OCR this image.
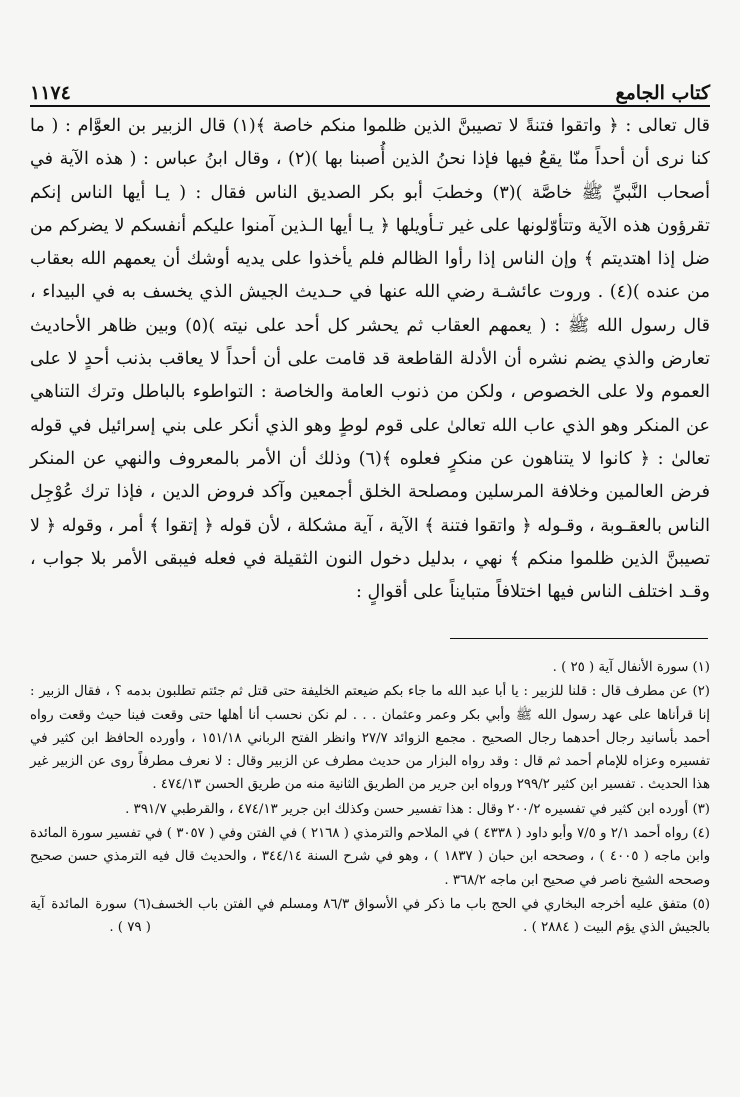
كتاب الجامع
١١٧٤

قال تعالى : ﴿ واتقوا فتنةً لا تصيبنَّ الذين ظلموا منكم خاصة ﴾(١) قال الزبير بن العوَّام : ( ما كنا نرى أن أحداً منّا يقعُ فيها فإذا نحنُ الذين أُصبنا بها )(٢) ، وقال ابنُ عباس : ( هذه الآية في أصحاب النَّبيِّ ﷺ خاصَّة )(٣) وخطبَ أبو بكر الصديق الناس فقال : ( يـا أيها الناس إنكم تقرؤون هذه الآية وتتأوّلونها على غير تـأويلها ﴿ يـا أيها الـذين آمنوا عليكم أنفسكم لا يضركم من ضل إذا اهتديتم ﴾ وإن الناس إذا رأوا الظالم فلم يأخذوا على يديه أوشك أن يعمهم الله بعقاب من عنده )(٤) . وروت عائشـة رضي الله عنها في حـديث الجيش الذي يخسف به في البيداء ، قال رسول الله ﷺ : ( يعمهم العقاب ثم يحشر كل أحد على نيته )(٥) وبين ظاهر الأحاديث تعارض والذي يضم نشره أن الأدلة القاطعة قد قامت على أن أحداً لا يعاقب بذنب أحدٍ لا على العموم ولا على الخصوص ، ولكن من ذنوب العامة والخاصة : التواطوء بالباطل وترك التناهي عن المنكر وهو الذي عاب الله تعالىٰ على قوم لوطٍ وهو الذي أنكر على بني إسرائيل في قوله تعالىٰ : ﴿ كانوا لا يتناهون عن منكرٍ فعلوه ﴾(٦) وذلك أن الأمر بالمعروف والنهي عن المنكر فرض العالمين وخلافة المرسلين ومصلحة الخلق أجمعين وآكد فروض الدين ، فإذا ترك عُوْجِل الناس بالعقـوبة ، وقـوله ﴿ واتقوا فتنة ﴾ الآية ، آية مشكلة ، لأن قوله ﴿ إتقوا ﴾ أمر ، وقوله ﴿ لا تصيبنَّ الذين ظلموا منكم ﴾ نهي ، بدليل دخول النون الثقيلة في فعله فيبقى الأمر بلا جواب ، وقـد اختلف الناس فيها اختلافاً متبايناً على أقوالٍ :

(١) سورة الأنفال آية ( ٢٥ ) .

(٢) عن مطرف قال : قلنا للزبير : يا أبا عبد الله ما جاء بكم ضيعتم الخليفة حتى قتل ثم جئتم تطلبون بدمه ؟ ، فقال الزبير : إنا قرأناها على عهد رسول الله ﷺ وأبي بكر وعمر وعثمان . . . لم نكن نحسب أنا أهلها حتى وقعت فينا حيث وقعت رواه أحمد بأسانيد رجال أحدهما رجال الصحيح . مجمع الزوائد ٢٧/٧ وانظر الفتح الرباني ١٥١/١٨ ، وأورده الحافظ ابن كثير في تفسيره وعزاه للإمام أحمد ثم قال : وقد رواه البزار من حديث مطرف عن الزبير وقال : لا نعرف مطرفاً روى عن الزبير غير هذا الحديث . تفسير ابن كثير ٢٩٩/٢ ورواه ابن جرير من الطريق الثانية منه من طريق الحسن ٤٧٤/١٣ .

(٣) أورده ابن كثير في تفسيره ٢٠٠/٢ وقال : هذا تفسير حسن وكذلك ابن جرير ٤٧٤/١٣ ، والقرطبي ٣٩١/٧ .

(٤) رواه أحمد ٢/١ و ٧/٥ وأبو داود ( ٤٣٣٨ ) في الملاحم والترمذي ( ٢١٦٨ ) في الفتن وفي ( ٣٠٥٧ ) في تفسير سورة المائدة وابن ماجه ( ٤٠٠٥ ) ، وصححه ابن حبان ( ١٨٣٧ ) ، وهو في شرح السنة ٣٤٤/١٤ ، والحديث قال فيه الترمذي حسن صحيح وصححه الشيخ ناصر في صحيح ابن ماجه ٣٦٨/٢ .

(٥) متفق عليه أخرجه البخاري في الحج باب ما ذكر في الأسواق ٨٦/٣ ومسلم في الفتن باب الخسف بالجيش الذي يؤم البيت ( ٢٨٨٤ ) .

(٦) سورة المائدة آية ( ٧٩ ) .
